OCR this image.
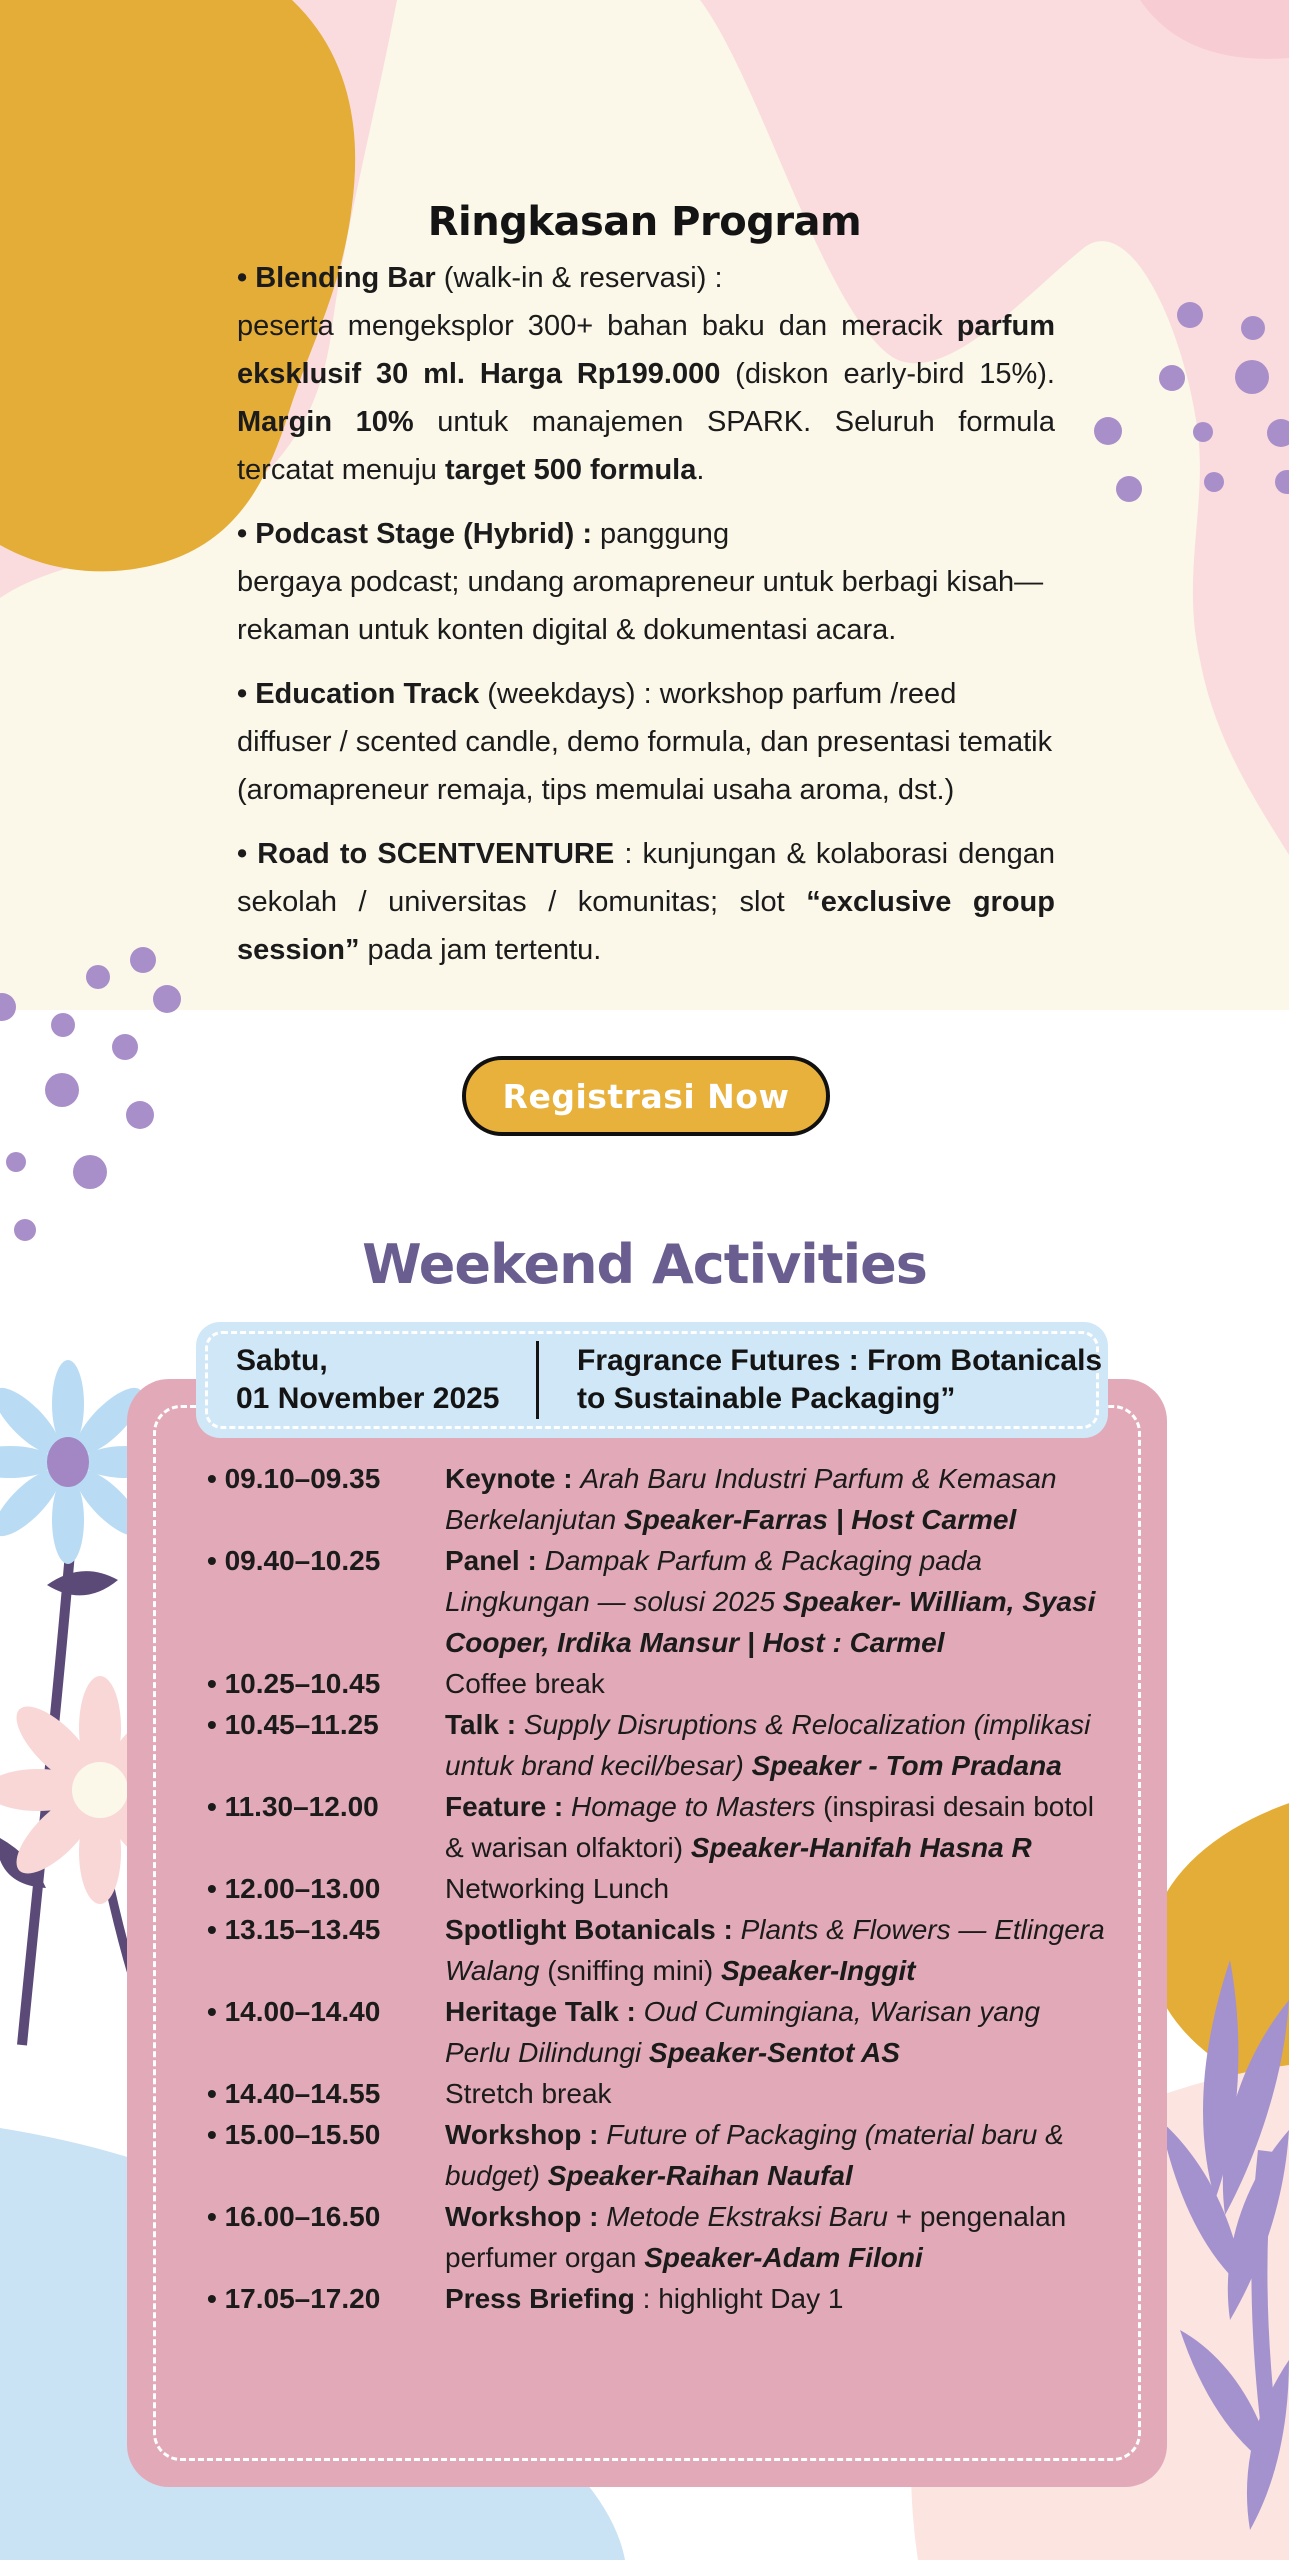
Ringkasan Program

• Blending Bar (walk-in & reservasi) :
peserta mengeksplor 300+ bahan baku dan meracik parfum eksklusif 30 ml. Harga Rp199.000 (diskon early-bird 15%). Margin 10% untuk manajemen SPARK. Seluruh formula tercatat menuju target 500 formula.

• Podcast Stage (Hybrid) : panggung
bergaya podcast; undang aromapreneur untuk berbagi kisah—rekaman untuk konten digital & dokumentasi acara.

• Education Track (weekdays) : workshop parfum /reed diffuser / scented candle, demo formula, dan presentasi tematik (aromapreneur remaja, tips memulai usaha aroma, dst.)

• Road to SCENTVENTURE : kunjungan & kolaborasi dengan sekolah / universitas / komunitas; slot “exclusive group session” pada jam tertentu.

Registrasi Now
Weekend Activities
Sabtu,
01 November 2025
Fragrance Futures : From Botanicals
to Sustainable Packaging”
• 09.10–09.35	Keynote : Arah Baru Industri Parfum & Kemasan Berkelanjutan Speaker-Farras | Host Carmel
• 09.40–10.25	Panel : Dampak Parfum & Packaging pada Lingkungan — solusi 2025 Speaker- William, Syasi Cooper, Irdika Mansur | Host : Carmel
• 10.25–10.45	Coffee break
• 10.45–11.25	Talk : Supply Disruptions & Relocalization (implikasi untuk brand kecil/besar) Speaker - Tom Pradana
• 11.30–12.00	Feature : Homage to Masters (inspirasi desain botol & warisan olfaktori) Speaker-Hanifah Hasna R
• 12.00–13.00	Networking Lunch
• 13.15–13.45	Spotlight Botanicals : Plants & Flowers — Etlingera Walang (sniffing mini) Speaker-Inggit
• 14.00–14.40	Heritage Talk : Oud Cumingiana, Warisan yang Perlu Dilindungi Speaker-Sentot AS
• 14.40–14.55	Stretch break
• 15.00–15.50	Workshop : Future of Packaging (material baru & budget) Speaker-Raihan Naufal
• 16.00–16.50	Workshop : Metode Ekstraksi Baru + pengenalan perfumer organ Speaker-Adam Filoni
• 17.05–17.20	Press Briefing : highlight Day 1
